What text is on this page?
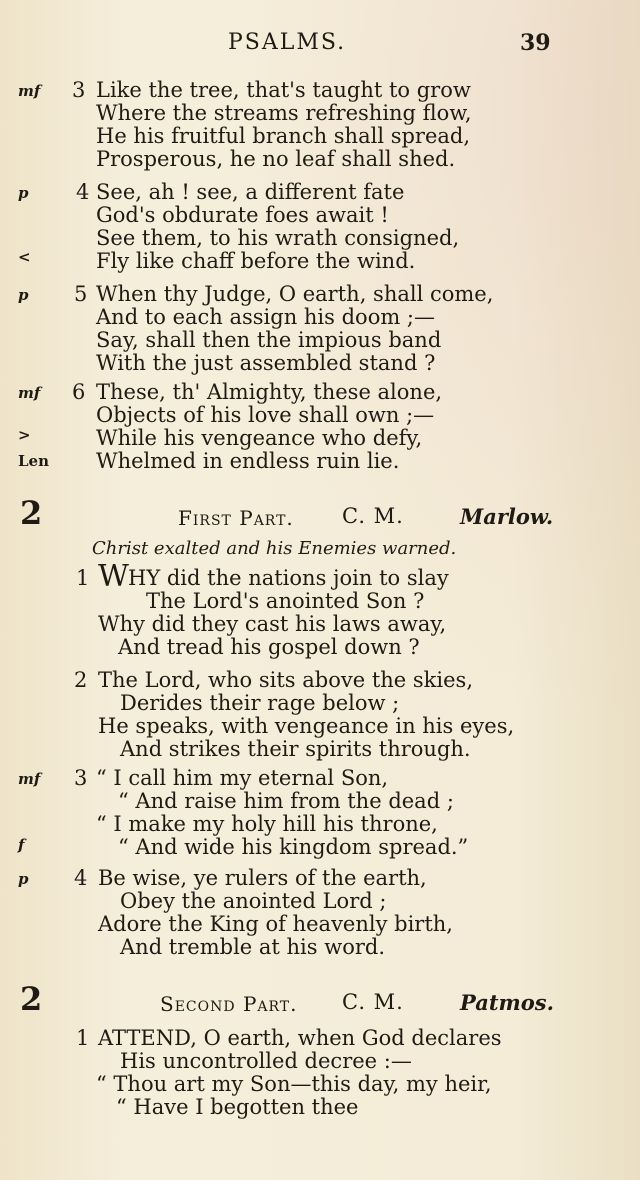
PSALMS.	39
mf 3 Like the tree, that's taught to grow
Where the streams refreshing flow,
He his fruitful branch shall spread,
Prosperous, he no leaf shall shed.
p 4 See, ah ! see, a different fate
God's obdurate foes await !
See them, to his wrath consigned,
<	Fly like chaff before the wind.
p 5 When thy Judge, O earth, shall come,
And to each assign his doom ;—
Say, shall then the impious band
With the just assembled stand ?
mf 6 These, th' Almighty, these alone,
Objects of his love shall own ;—
>	While his vengeance who defy,
Len Whelmed in endless ruin lie.
2	First Part. C. M.	Marlow.
Christ exalted and his Enemies warned.
1 W HY did the nations join to slay
The Lord's anointed Son ?
Why did they cast his laws away,
And tread his gospel down ?
2 The Lord, who sits above the skies,
Derides their rage below ;
He speaks, with vengeance in his eyes,
And strikes their spirits through.
mf 3 “ I call him my eternal Son,
“ And raise him from the dead ;
“ I make my holy hill his throne,
f	“ And wide his kingdom spread.”
p 4 Be wise, ye rulers of the earth,
Obey the anointed Lord ;
Adore the King of heavenly birth,
And tremble at his word.
2	Second Part. C. M.	Patmos.
1 ATTEND, O earth, when God declares
His uncontrolled decree :—
“ Thou art my Son—this day, my heir,
“ Have I begotten thee
